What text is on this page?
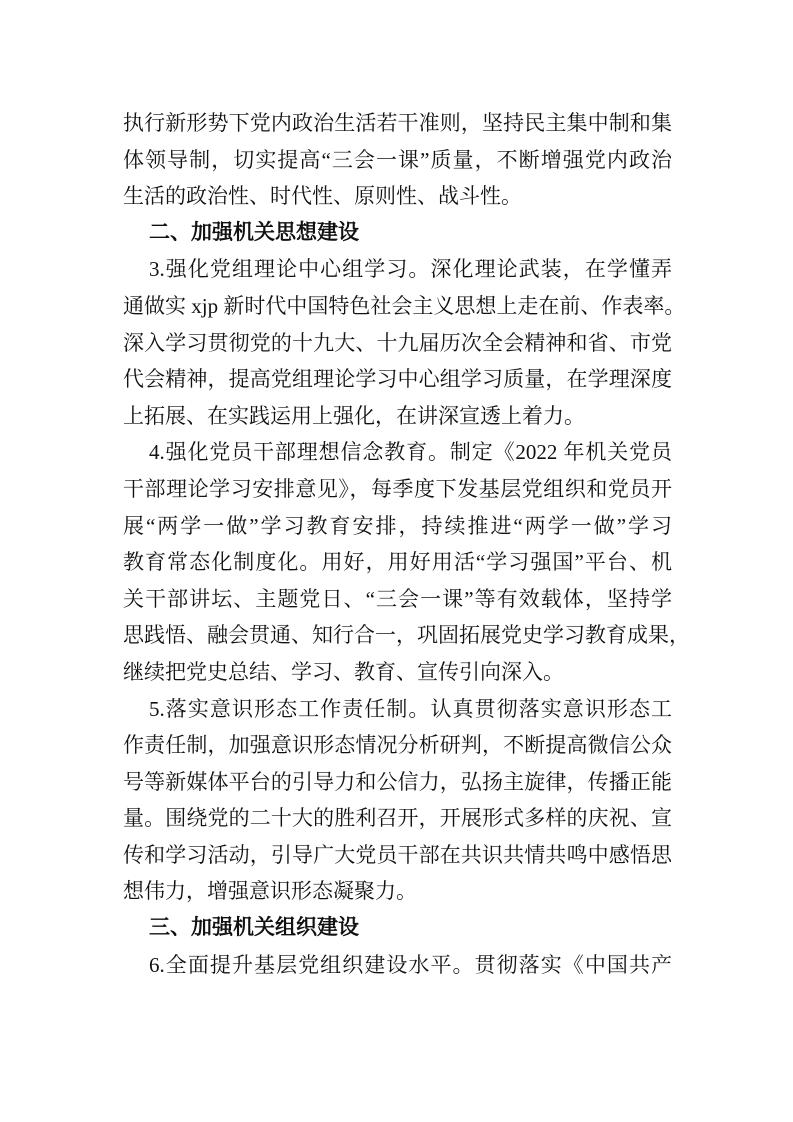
执行新形势下党内政治生活若干准则，坚持民主集中制和集
体领导制，切实提高“三会一课”质量，不断增强党内政治
生活的政治性、时代性、原则性、战斗性。
二、加强机关思想建设
3.强化党组理论中心组学习。深化理论武装，在学懂弄
通做实 xjp 新时代中国特色社会主义思想上走在前、作表率。
深入学习贯彻党的十九大、十九届历次全会精神和省、市党
代会精神，提高党组理论学习中心组学习质量，在学理深度
上拓展、在实践运用上强化，在讲深宣透上着力。
4.强化党员干部理想信念教育。制定《2022 年机关党员
干部理论学习安排意见》，每季度下发基层党组织和党员开
展“两学一做”学习教育安排，持续推进“两学一做”学习
教育常态化制度化。用好，用好用活“学习强国”平台、机
关干部讲坛、主题党日、“三会一课”等有效载体，坚持学
思践悟、融会贯通、知行合一，巩固拓展党史学习教育成果，
继续把党史总结、学习、教育、宣传引向深入。
5.落实意识形态工作责任制。认真贯彻落实意识形态工
作责任制，加强意识形态情况分析研判，不断提高微信公众
号等新媒体平台的引导力和公信力，弘扬主旋律，传播正能
量。围绕党的二十大的胜利召开，开展形式多样的庆祝、宣
传和学习活动，引导广大党员干部在共识共情共鸣中感悟思
想伟力，增强意识形态凝聚力。
三、加强机关组织建设
6.全面提升基层党组织建设水平。贯彻落实《中国共产
